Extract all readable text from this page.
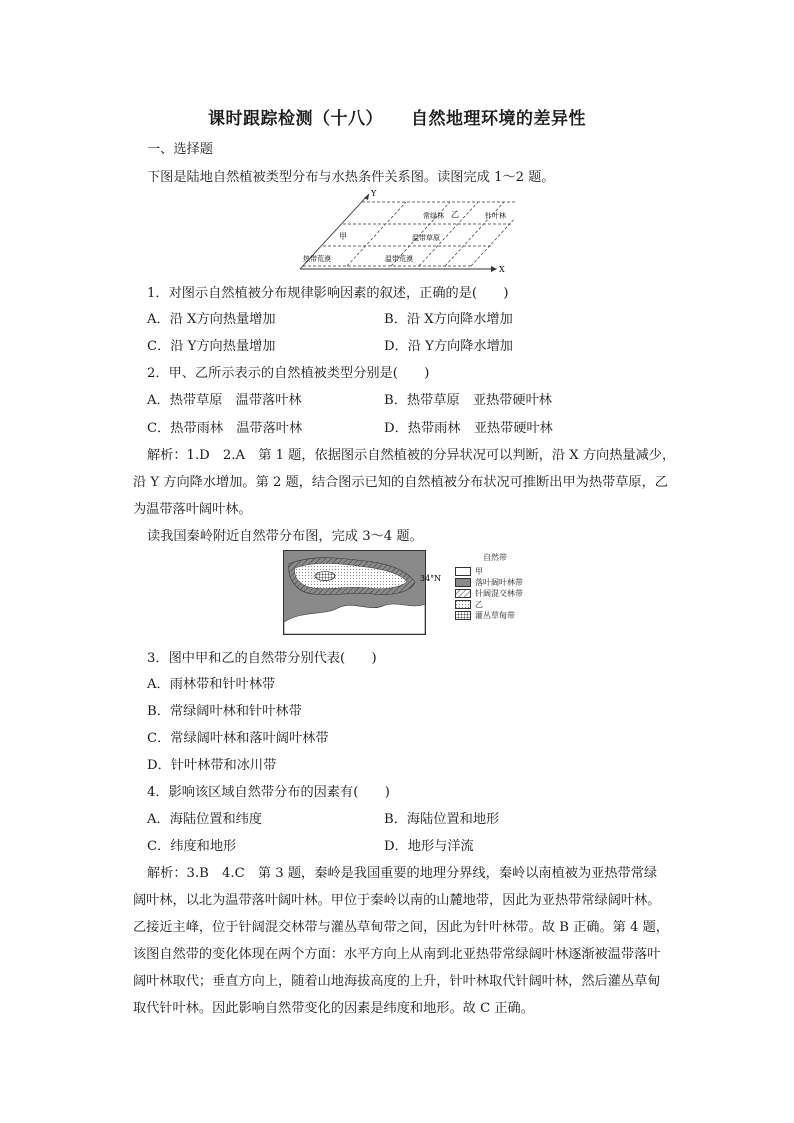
课时跟踪检测（十八） 自然地理环境的差异性
一、选择题
下图是陆地自然植被类型分布与水热条件关系图。读图完成 1～2 题。
Y
X
常绿林 乙	针叶林
甲	温带草原
热带荒漠	温带荒漠
1．对图示自然植被分布规律影响因素的叙述，正确的是(　　)
A．沿 X方向热量增加	B．沿 X方向降水增加
C．沿 Y方向热量增加	D．沿 Y方向降水增加
2．甲、乙所示表示的自然植被类型分别是(　　)
A．热带草原　温带落叶林	B．热带草原　亚热带硬叶林
C．热带雨林　温带落叶林	D．热带雨林　亚热带硬叶林
解析：1.D　2.A　第 1 题，依据图示自然植被的分异状况可以判断，沿 X 方向热量减少，
沿 Y 方向降水增加。第 2 题，结合图示已知的自然植被分布状况可推断出甲为热带草原，乙
为温带落叶阔叶林。
读我国秦岭附近自然带分布图，完成 3～4 题。
34°N
自然带
甲
落叶阔叶林带
针阔混交林带
乙
灌丛草甸带
3．图中甲和乙的自然带分别代表(　　)
A．雨林带和针叶林带
B．常绿阔叶林和针叶林带
C．常绿阔叶林和落叶阔叶林带
D．针叶林带和冰川带
4．影响该区域自然带分布的因素有(　　)
A．海陆位置和纬度	B．海陆位置和地形
C．纬度和地形	D．地形与洋流
解析：3.B　4.C　第 3 题，秦岭是我国重要的地理分界线，秦岭以南植被为亚热带常绿
阔叶林，以北为温带落叶阔叶林。甲位于秦岭以南的山麓地带，因此为亚热带常绿阔叶林。
乙接近主峰，位于针阔混交林带与灌丛草甸带之间，因此为针叶林带。故 B 正确。第 4 题，
该图自然带的变化体现在两个方面：水平方向上从南到北亚热带常绿阔叶林逐渐被温带落叶
阔叶林取代；垂直方向上，随着山地海拔高度的上升，针叶林取代针阔叶林，然后灌丛草甸
取代针叶林。因此影响自然带变化的因素是纬度和地形。故 C 正确。
